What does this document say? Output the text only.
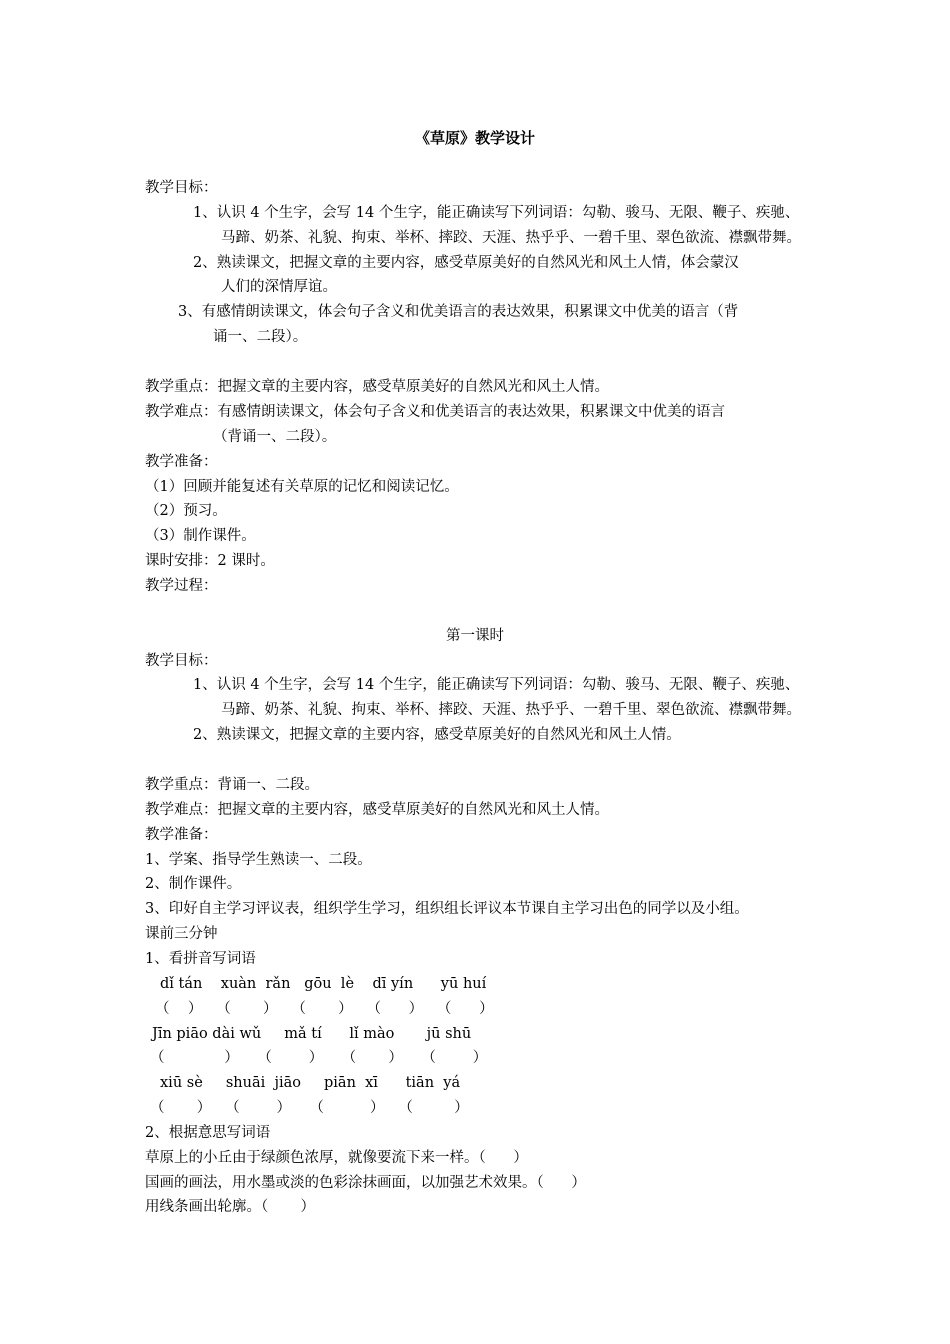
《草原》教学设计
教学目标：
1、认识 4 个生字，会写 14 个生字，能正确读写下列词语：勾勒、骏马、无限、鞭子、疾驰、
马蹄、奶茶、礼貌、拘束、举杯、摔跤、天涯、热乎乎、一碧千里、翠色欲流、襟飘带舞。
2、熟读课文，把握文章的主要内容，感受草原美好的自然风光和风土人情，体会蒙汉
人们的深情厚谊。
3、有感情朗读课文，体会句子含义和优美语言的表达效果，积累课文中优美的语言（背
诵一、二段）。
教学重点：把握文章的主要内容，感受草原美好的自然风光和风土人情。
教学难点：有感情朗读课文，体会句子含义和优美语言的表达效果，积累课文中优美的语言
（背诵一、二段）。
教学准备：
（1）回顾并能复述有关草原的记忆和阅读记忆。
（2）预习。
（3）制作课件。
课时安排：2 课时。
教学过程：
第一课时
教学目标：
1、认识 4 个生字，会写 14 个生字，能正确读写下列词语：勾勒、骏马、无限、鞭子、疾驰、
马蹄、奶茶、礼貌、拘束、举杯、摔跤、天涯、热乎乎、一碧千里、翠色欲流、襟飘带舞。
2、熟读课文，把握文章的主要内容，感受草原美好的自然风光和风土人情。
教学重点：背诵一、二段。
教学难点：把握文章的主要内容，感受草原美好的自然风光和风土人情。
教学准备：
1、学案、指导学生熟读一、二段。
2、制作课件。
3、印好自主学习评议表，组织学生学习，组织组长评议本节课自主学习出色的同学以及小组。
课前三分钟
1、看拼音写词语
dǐ tán    xuàn  rǎn   gōu  lè    dī yín      yū huí
（    ）   （       ）   （       ）   （      ）   （      ）
Jīn piāo dài wǔ     mǎ tí      lǐ mào       jū shū
（             ）    （        ）    （       ）    （        ）
xiū sè     shuāi  jiāo     piān  xī      tiān  yá
（       ）   （        ）    （          ）   （         ）
2、根据意思写词语
草原上的小丘由于绿颜色浓厚，就像要流下来一样。（      ）
国画的画法，用水墨或淡的色彩涂抹画面，以加强艺术效果。（      ）
用线条画出轮廓。（       ）
